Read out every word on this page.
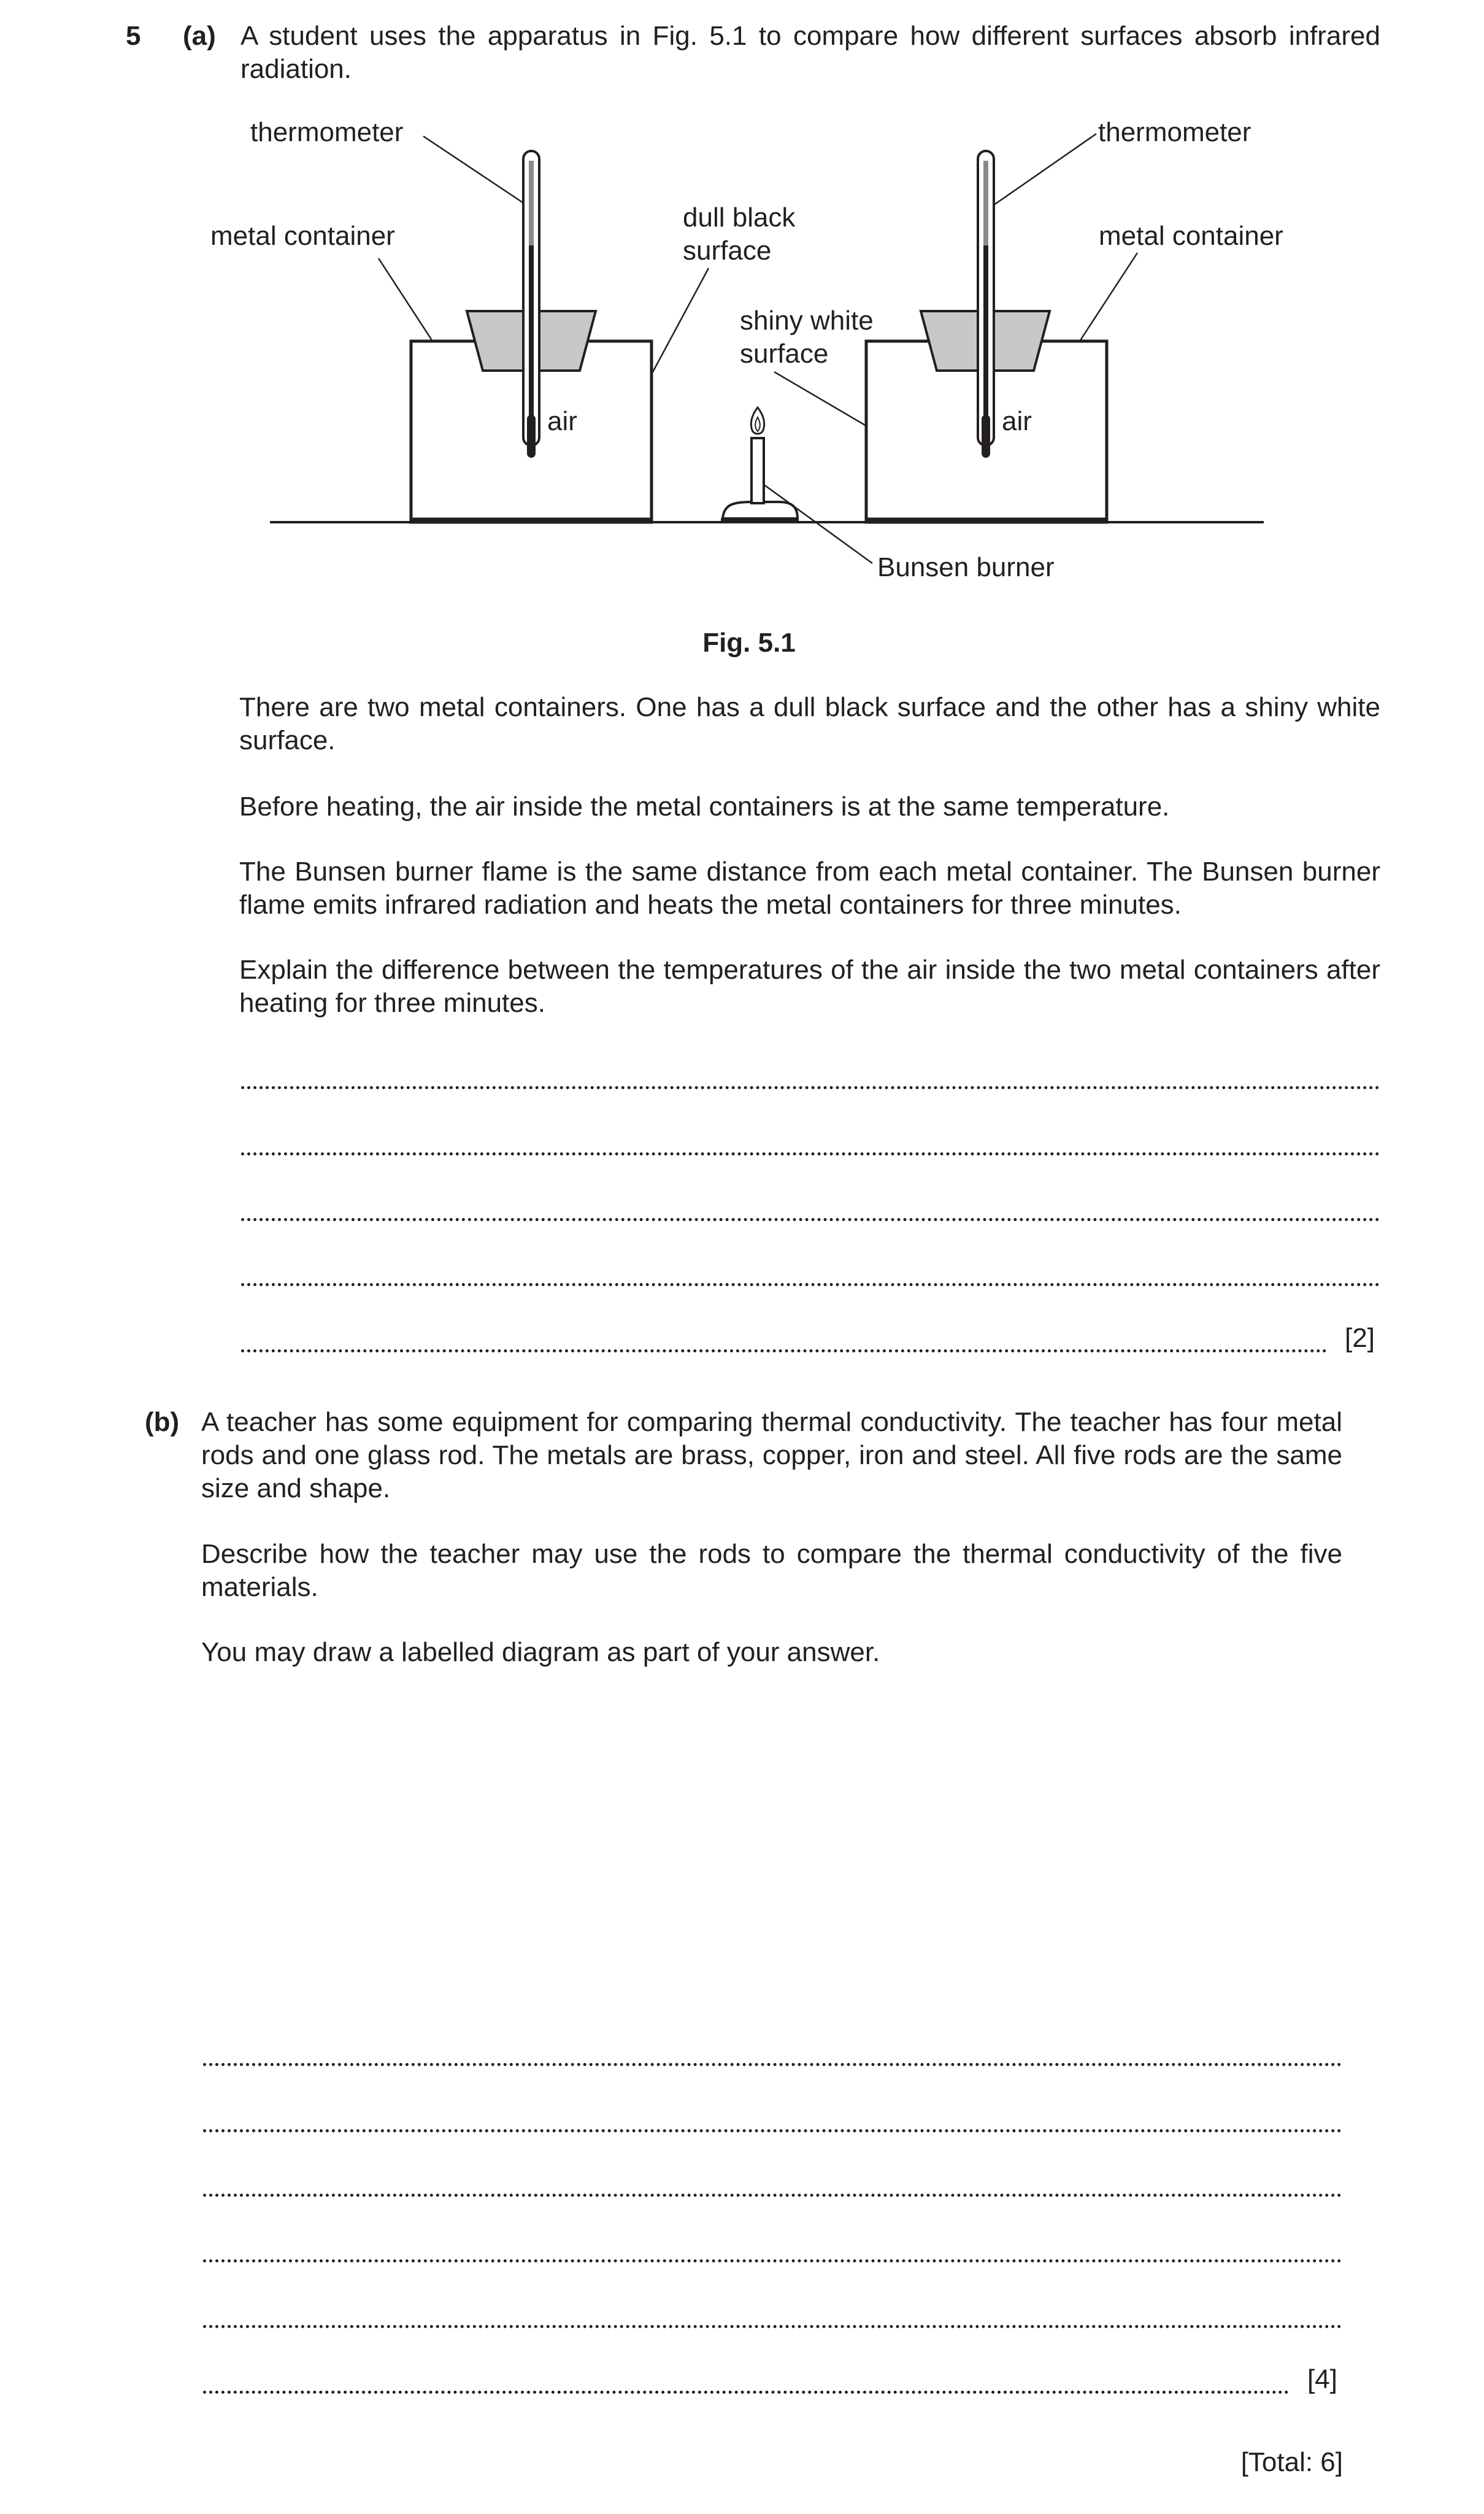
5 (a) A student uses the apparatus in Fig. 5.1 to compare how different surfaces absorb infrared radiation.
thermometer	thermometer
metal container	metal container
dull black
surface
shiny white
surface
air	air
Bunsen burner
Fig. 5.1
There are two metal containers. One has a dull black surface and the other has a shiny white surface.
Before heating, the air inside the metal containers is at the same temperature.
The Bunsen burner flame is the same distance from each metal container. The Bunsen burner flame emits infrared radiation and heats the metal containers for three minutes.
Explain the difference between the temperatures of the air inside the two metal containers after heating for three minutes.
[2]
(b) A teacher has some equipment for comparing thermal conductivity. The teacher has four metal rods and one glass rod. The metals are brass, copper, iron and steel. All five rods are the same size and shape.
Describe how the teacher may use the rods to compare the thermal conductivity of the five materials.
You may draw a labelled diagram as part of your answer.
[4]
[Total: 6]
